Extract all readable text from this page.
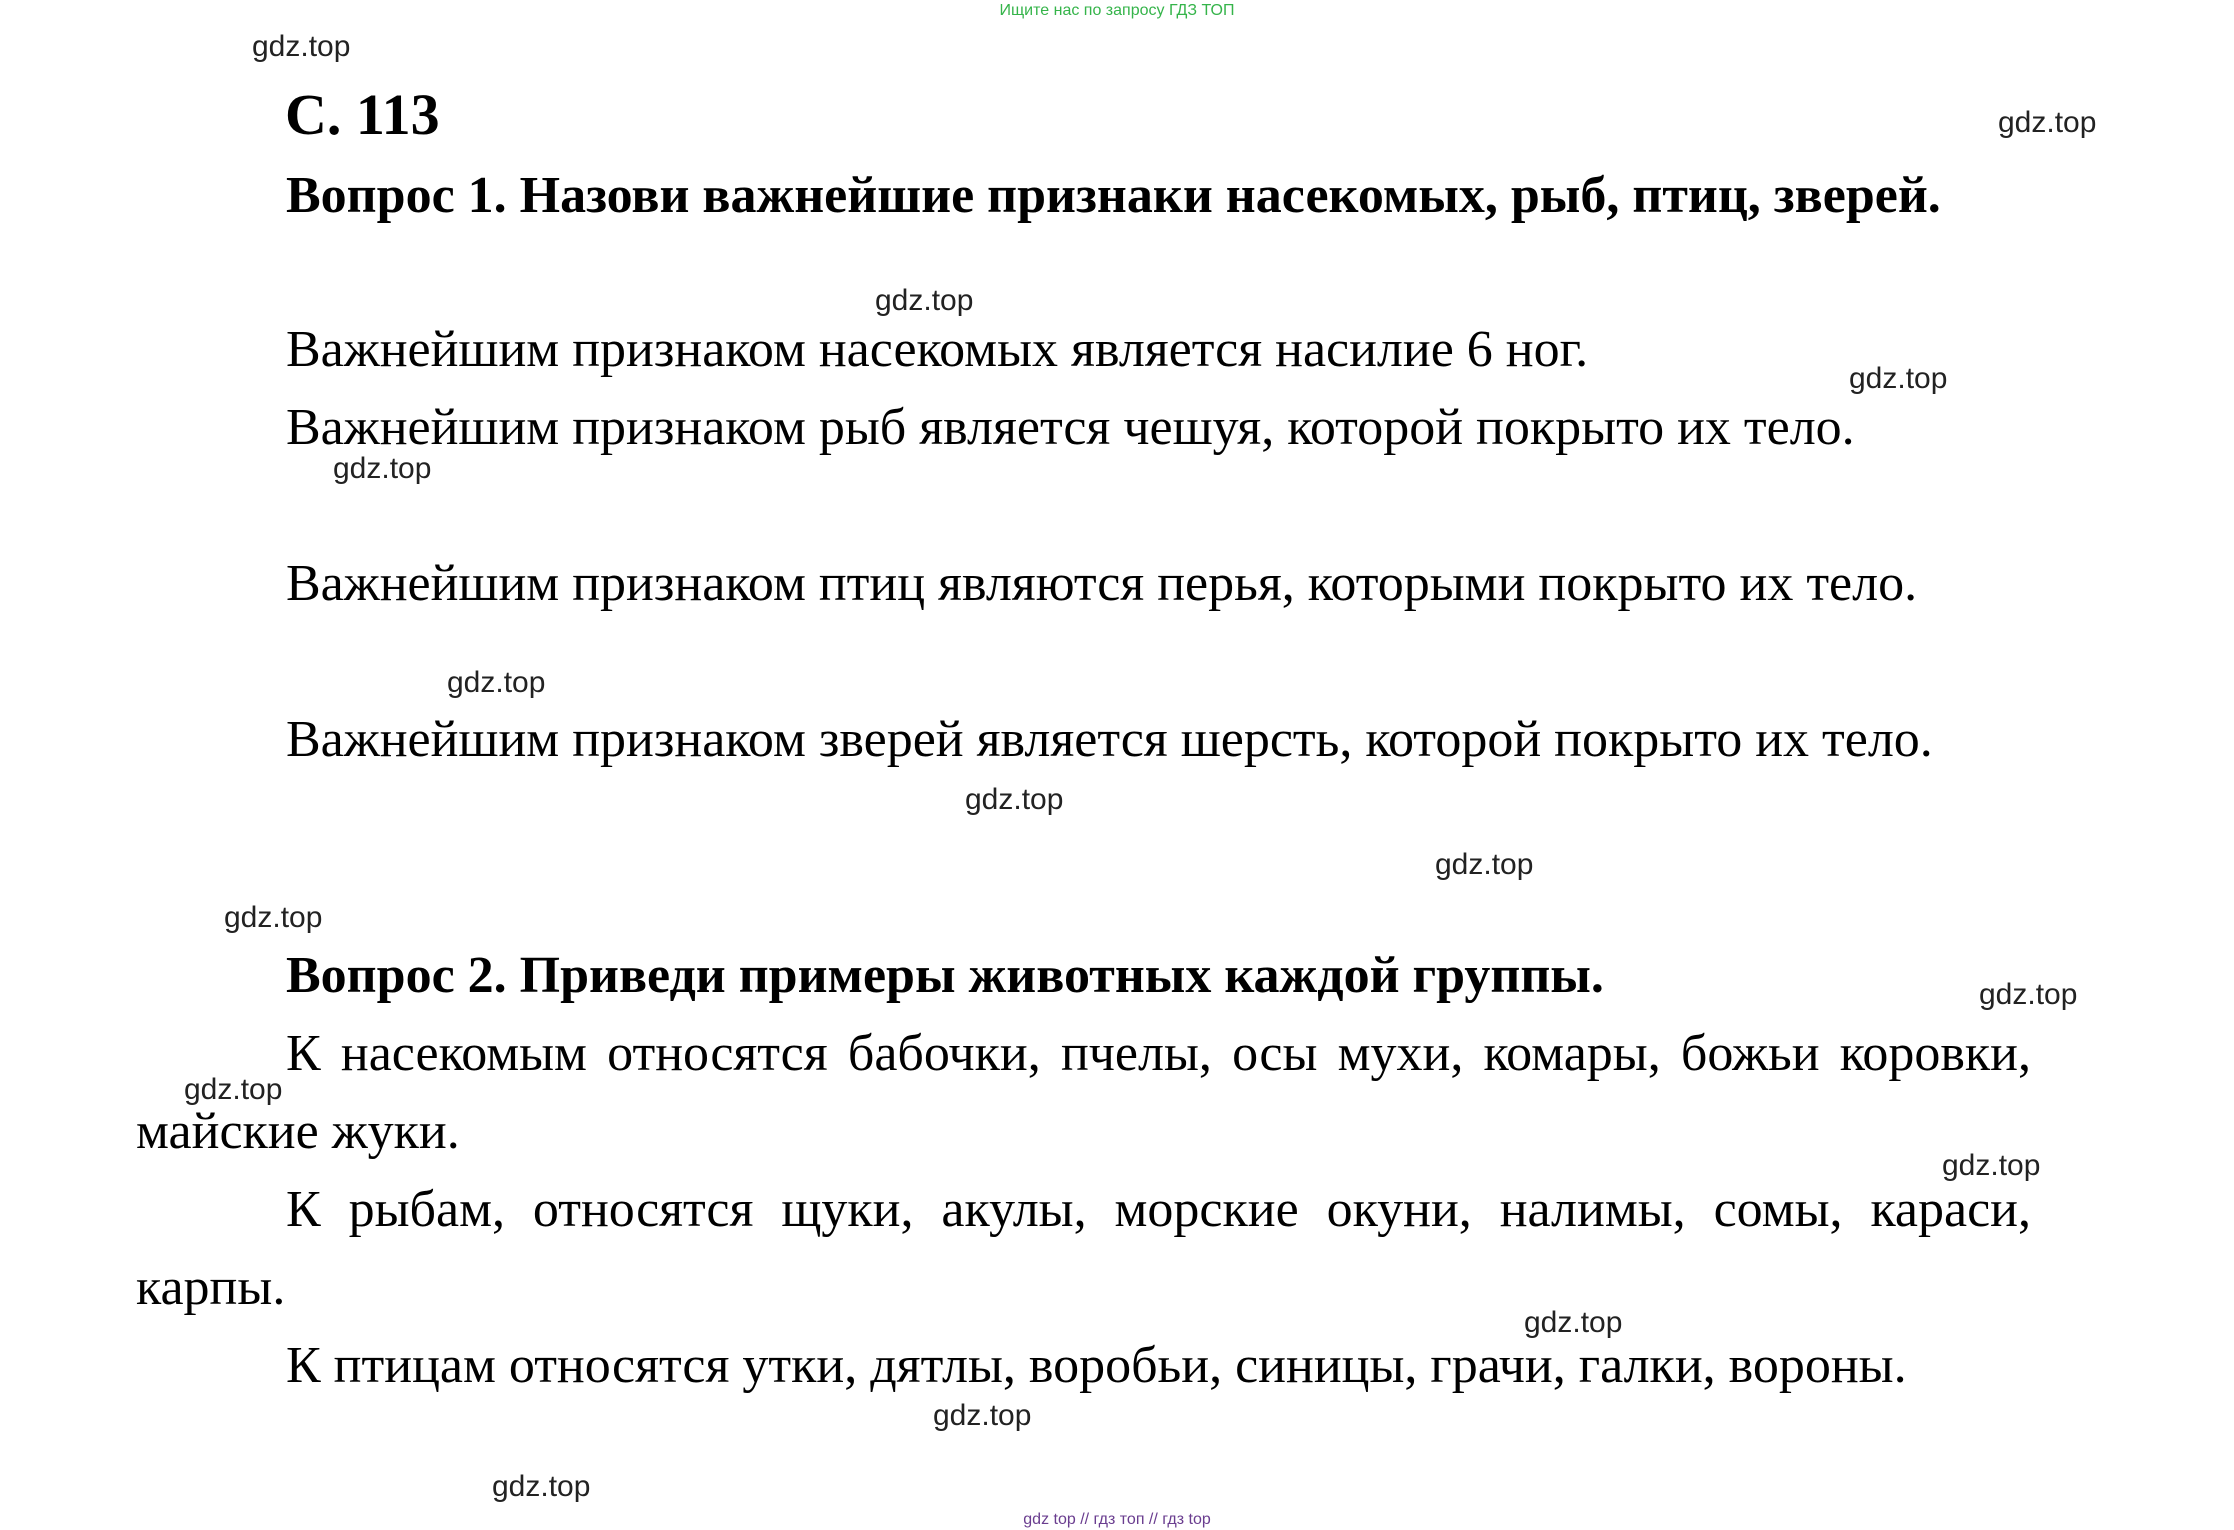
Ищите нас по запросу ГДЗ ТОП
С. 113
Вопрос 1. Назови важнейшие признаки насекомых, рыб, птиц, зверей.
Важнейшим признаком насекомых является насилие 6 ног.
Важнейшим признаком рыб является чешуя, которой покрыто их тело.
Важнейшим признаком птиц являются перья, которыми покрыто их тело.
Важнейшим признаком зверей является шерсть, которой покрыто их тело.
Вопрос 2. Приведи примеры животных каждой группы.
К насекомым относятся бабочки, пчелы, осы мухи, комары, божьи коровки, майские жуки.
К рыбам, относятся щуки, акулы, морские окуни, налимы, сомы, караси, карпы.
К птицам относятся утки, дятлы, воробьи, синицы, грачи, галки, вороны.
gdz.top
gdz.top
gdz.top
gdz.top
gdz.top
gdz.top
gdz.top
gdz.top
gdz.top
gdz.top
gdz.top
gdz.top
gdz.top
gdz.top
gdz.top
gdz top // гдз топ // гдз top
